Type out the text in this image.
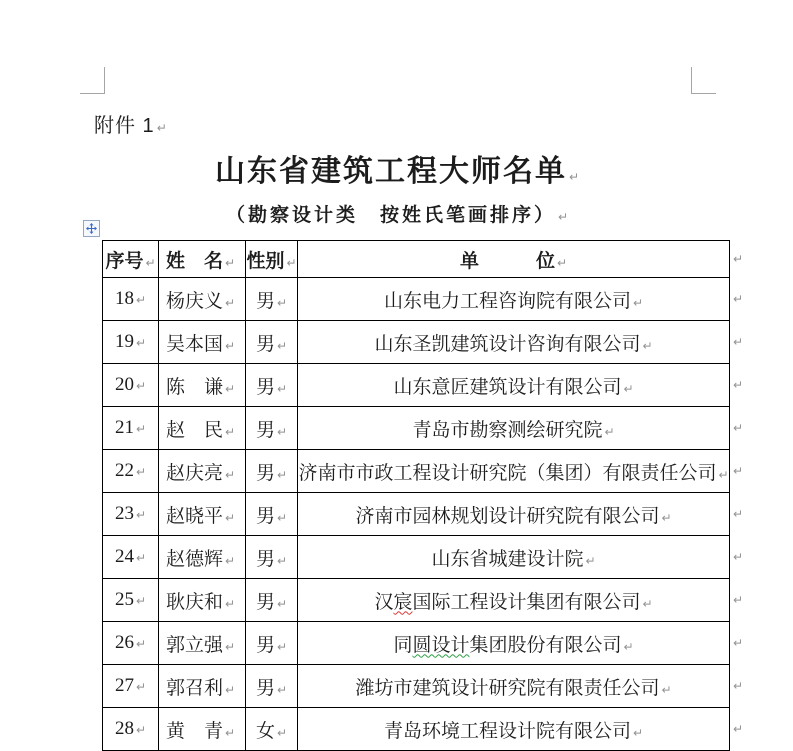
附件 1 ↵
山东省建筑工程大师名单 ↵
（勘察设计类　按姓氏笔画排序） ↵
序号 ↵	姓　名 ↵	性别 ↵	单　　　位 ↵
18 ↵	杨庆义 ↵	男 ↵	山东电力工程咨询院有限公司 ↵
19 ↵	吴本国 ↵	男 ↵	山东圣凯建筑设计咨询有限公司 ↵
20 ↵	陈　谦 ↵	男 ↵	山东意匠建筑设计有限公司 ↵
21 ↵	赵　民 ↵	男 ↵	青岛市勘察测绘研究院 ↵
22 ↵	赵庆亮 ↵	男 ↵	济南市市政工程设计研究院（集团）有限责任公司 ↵
23 ↵	赵晓平 ↵	男 ↵	济南市园林规划设计研究院有限公司 ↵
24 ↵	赵德辉 ↵	男 ↵	山东省城建设计院 ↵
25 ↵	耿庆和 ↵	男 ↵	汉宸国际工程设计集团有限公司 ↵
26 ↵	郭立强 ↵	男 ↵	同圆设计集团股份有限公司 ↵
27 ↵	郭召利 ↵	男 ↵	潍坊市建筑设计研究院有限责任公司 ↵
28 ↵	黄　青 ↵	女 ↵	青岛环境工程设计院有限公司 ↵
↵
↵
↵
↵
↵
↵
↵
↵
↵
↵
↵
↵
